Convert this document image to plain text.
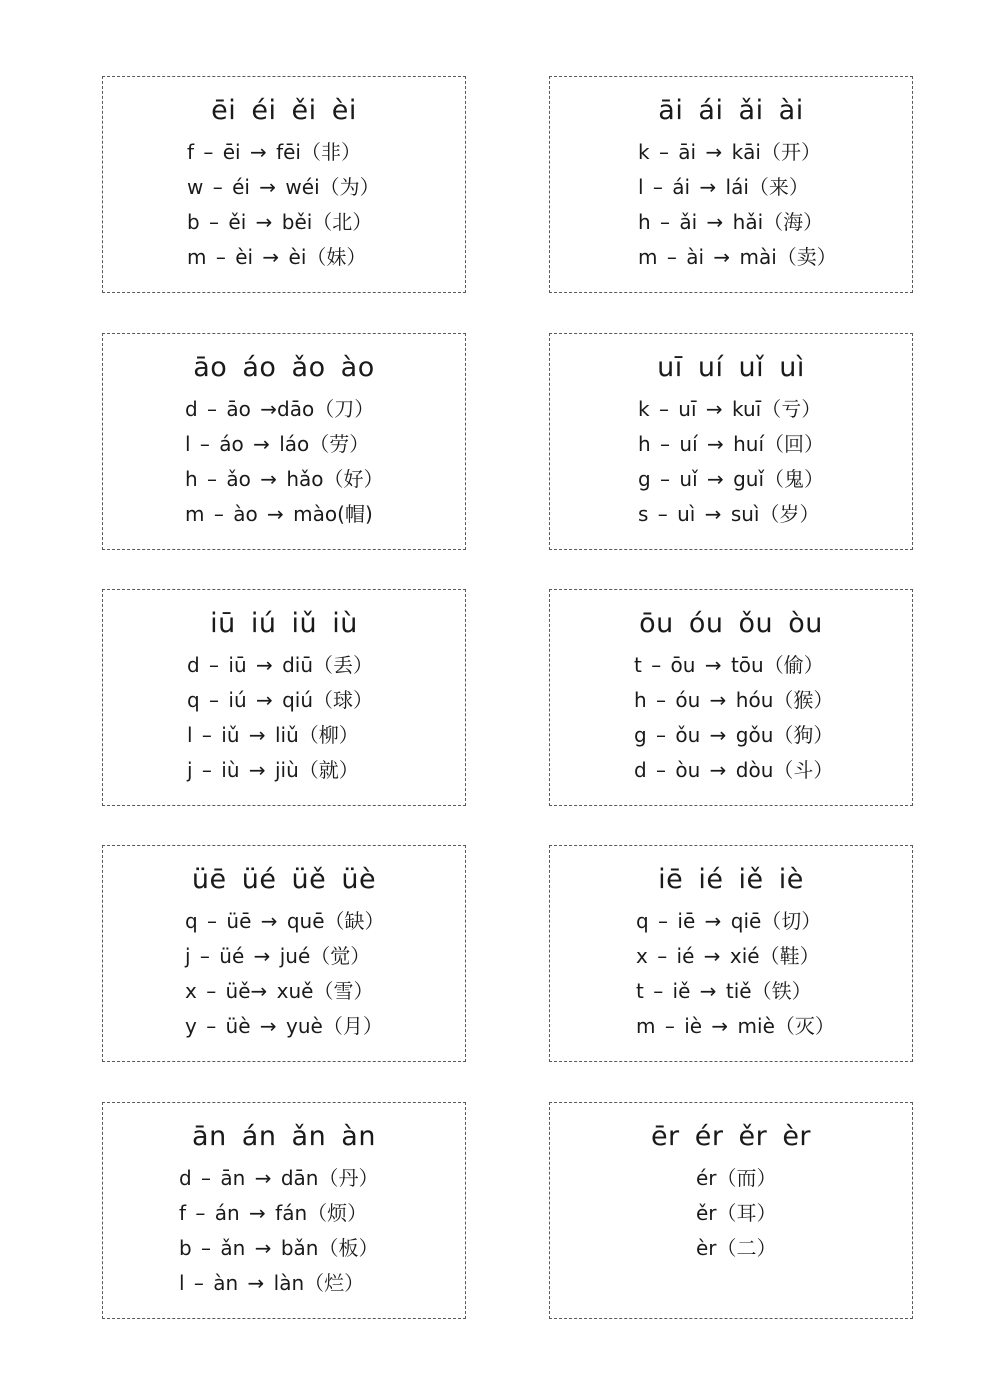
ēi éi ěi èi
f – ēi → fēi（非）
w – éi → wéi（为）
b – ěi → běi（北）
m – èi → èi（妹）
āi ái ǎi ài
k – āi → kāi（开）
l – ái → lái（来）
h – ǎi → hǎi（海）
m – ài → mài（卖）
āo áo ǎo ào
d – āo →dāo（刀）
l – áo → láo（劳）
h – ǎo → hǎo（好）
m – ào → mào(帽)
uī uí uǐ uì
k – uī → kuī（亏）
h – uí → huí（回）
g – uǐ → guǐ（鬼）
s – uì → suì（岁）
iū iú iǔ iù
d – iū → diū（丢）
q – iú → qiú（球）
l – iǔ → liǔ（柳）
j – iù → jiù（就）
ōu óu ǒu òu
t – ōu → tōu（偷）
h – óu → hóu（猴）
g – ǒu → gǒu（狗）
d – òu → dòu（斗）
üē üé üě üè
q – üē → quē（缺）
j – üé → jué（觉）
x – üě→ xuě（雪）
y – üè → yuè（月）
iē ié iě iè
q – iē → qiē（切）
x – ié → xié（鞋）
t – iě → tiě（铁）
m – iè → miè（灭）
ān án ǎn àn
d – ān → dān（丹）
f – án → fán（烦）
b – ǎn → bǎn（板）
l – àn → làn（烂）
ēr ér ěr èr
ér（而）
ěr（耳）
èr（二）
